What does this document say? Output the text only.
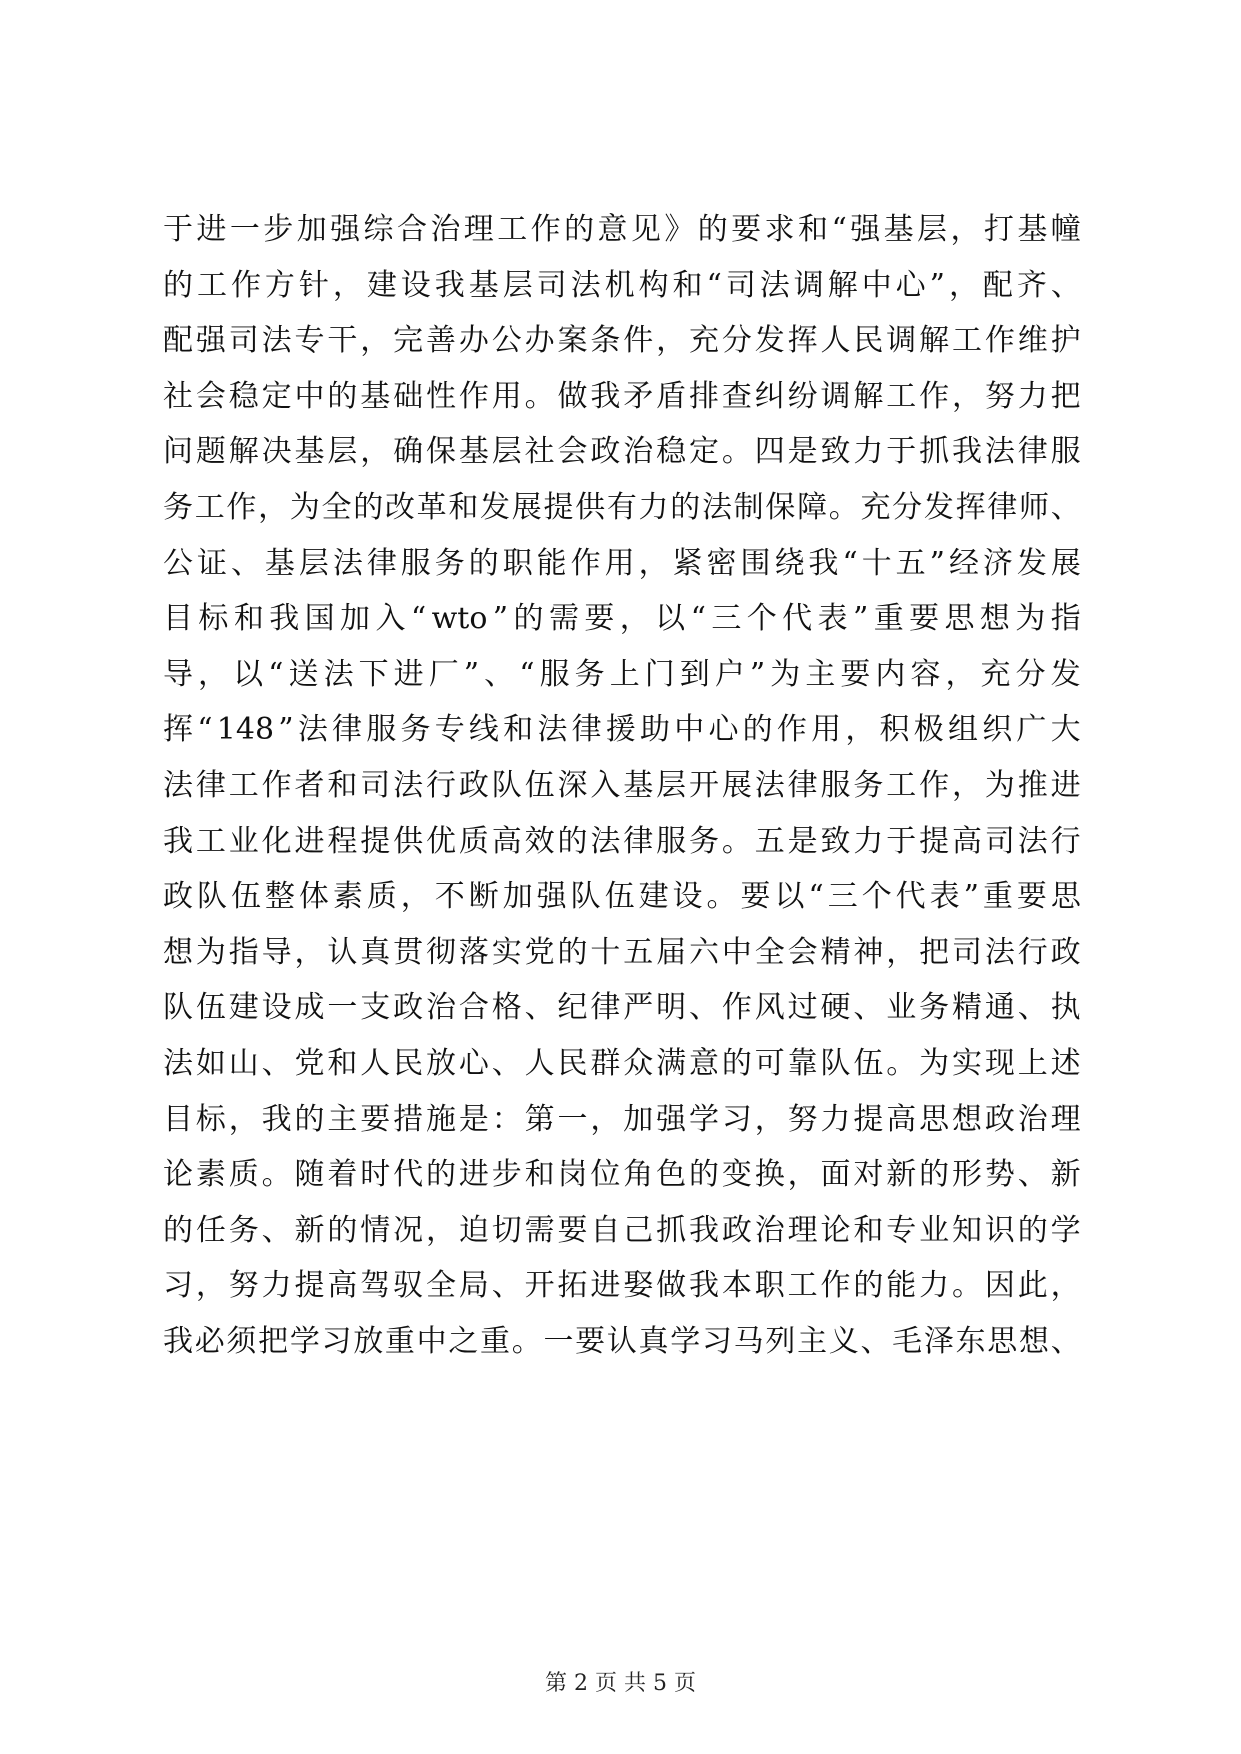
于 进 一 步 加 强 综 合 治 理 工 作 的 意 见 》 的 要 求 和 “ 强 基 层 ， 打 基 幢
的 工 作 方 针 ， 建 设 我 基 层 司 法 机 构 和 “ 司 法 调 解 中 心 ” ， 配 齐 、
配 强 司 法 专 干 ， 完 善 办 公 办 案 条 件 ， 充 分 发 挥 人 民 调 解 工 作 维 护
社 会 稳 定 中 的 基 础 性 作 用 。 做 我 矛 盾 排 查 纠 纷 调 解 工 作 ， 努 力 把
问 题 解 决 基 层 ， 确 保 基 层 社 会 政 治 稳 定 。 四 是 致 力 于 抓 我 法 律 服
务 工 作 ， 为 全 的 改 革 和 发 展 提 供 有 力 的 法 制 保 障 。 充 分 发 挥 律 师 、
公 证 、 基 层 法 律 服 务 的 职 能 作 用 ， 紧 密 围 绕 我 “ 十 五 ” 经 济 发 展
目 标 和 我 国 加 入 “ wto ” 的 需 要 ， 以 “ 三 个 代 表 ” 重 要 思 想 为 指
导 ， 以 “ 送 法 下 进 厂 ” 、 “ 服 务 上 门 到 户 ” 为 主 要 内 容 ， 充 分 发
挥 “ 148 ” 法 律 服 务 专 线 和 法 律 援 助 中 心 的 作 用 ， 积 极 组 织 广 大
法 律 工 作 者 和 司 法 行 政 队 伍 深 入 基 层 开 展 法 律 服 务 工 作 ， 为 推 进
我 工 业 化 进 程 提 供 优 质 高 效 的 法 律 服 务 。 五 是 致 力 于 提 高 司 法 行
政 队 伍 整 体 素 质 ， 不 断 加 强 队 伍 建 设 。 要 以 “ 三 个 代 表 ” 重 要 思
想 为 指 导 ， 认 真 贯 彻 落 实 党 的 十 五 届 六 中 全 会 精 神 ， 把 司 法 行 政
队 伍 建 设 成 一 支 政 治 合 格 、 纪 律 严 明 、 作 风 过 硬 、 业 务 精 通 、 执
法 如 山 、 党 和 人 民 放 心 、 人 民 群 众 满 意 的 可 靠 队 伍 。 为 实 现 上 述
目 标 ， 我 的 主 要 措 施 是 ： 第 一 ， 加 强 学 习 ， 努 力 提 高 思 想 政 治 理
论 素 质 。 随 着 时 代 的 进 步 和 岗 位 角 色 的 变 换 ， 面 对 新 的 形 势 、 新
的 任 务 、 新 的 情 况 ， 迫 切 需 要 自 己 抓 我 政 治 理 论 和 专 业 知 识 的 学
习 ， 努 力 提 高 驾 驭 全 局 、 开 拓 进 娶 做 我 本 职 工 作 的 能 力 。 因 此 ，
我 必 须 把 学 习 放 重 中 之 重 。 一 要 认 真 学 习 马 列 主 义 、 毛 泽 东 思 想 、
第 2 页 共 5 页
